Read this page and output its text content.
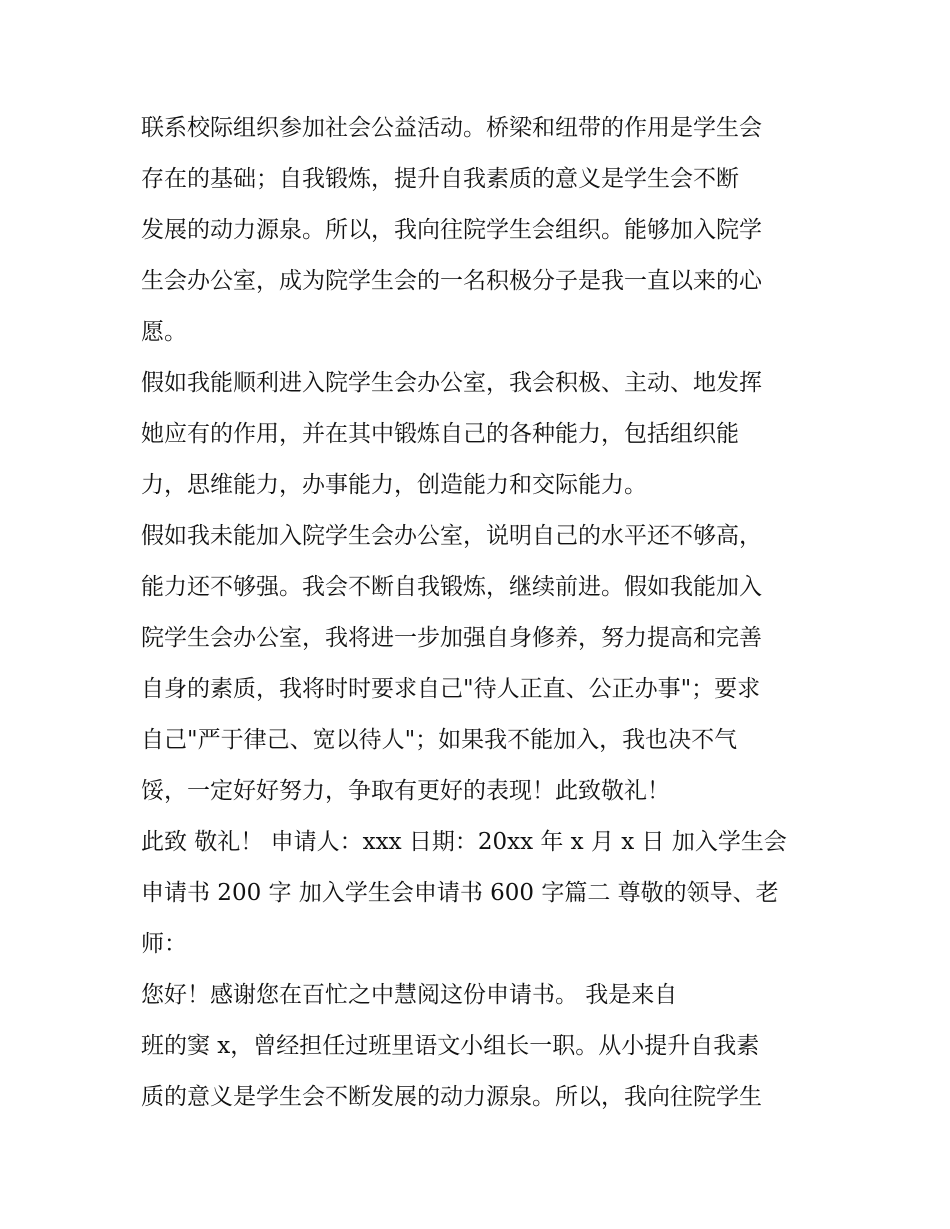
联系校际组织参加社会公益活动。桥梁和纽带的作用是学生会
存在的基础；自我锻炼，提升自我素质的意义是学生会不断
发展的动力源泉。所以，我向往院学生会组织。能够加入院学
生会办公室，成为院学生会的一名积极分子是我一直以来的心
愿。
假如我能顺利进入院学生会办公室，我会积极、主动、地发挥
她应有的作用，并在其中锻炼自己的各种能力，包括组织能
力，思维能力，办事能力，创造能力和交际能力。
假如我未能加入院学生会办公室，说明自己的水平还不够高，
能力还不够强。我会不断自我锻炼，继续前进。假如我能加入
院学生会办公室，我将进一步加强自身修养，努力提高和完善
自身的素质，我将时时要求自己"待人正直、公正办事"；要求
自己"严于律己、宽以待人"；如果我不能加入，我也决不气
馁，一定好好努力，争取有更好的表现！此致敬礼！
此致 敬礼！ 申请人：xxx 日期：20xx 年 x 月 x 日 加入学生会
申请书 200 字 加入学生会申请书 600 字篇二 尊敬的领导、老
师：
您好！感谢您在百忙之中慧阅这份申请书。 我是来自
班的窦 x，曾经担任过班里语文小组长一职。从小提升自我素
质的意义是学生会不断发展的动力源泉。所以，我向往院学生
